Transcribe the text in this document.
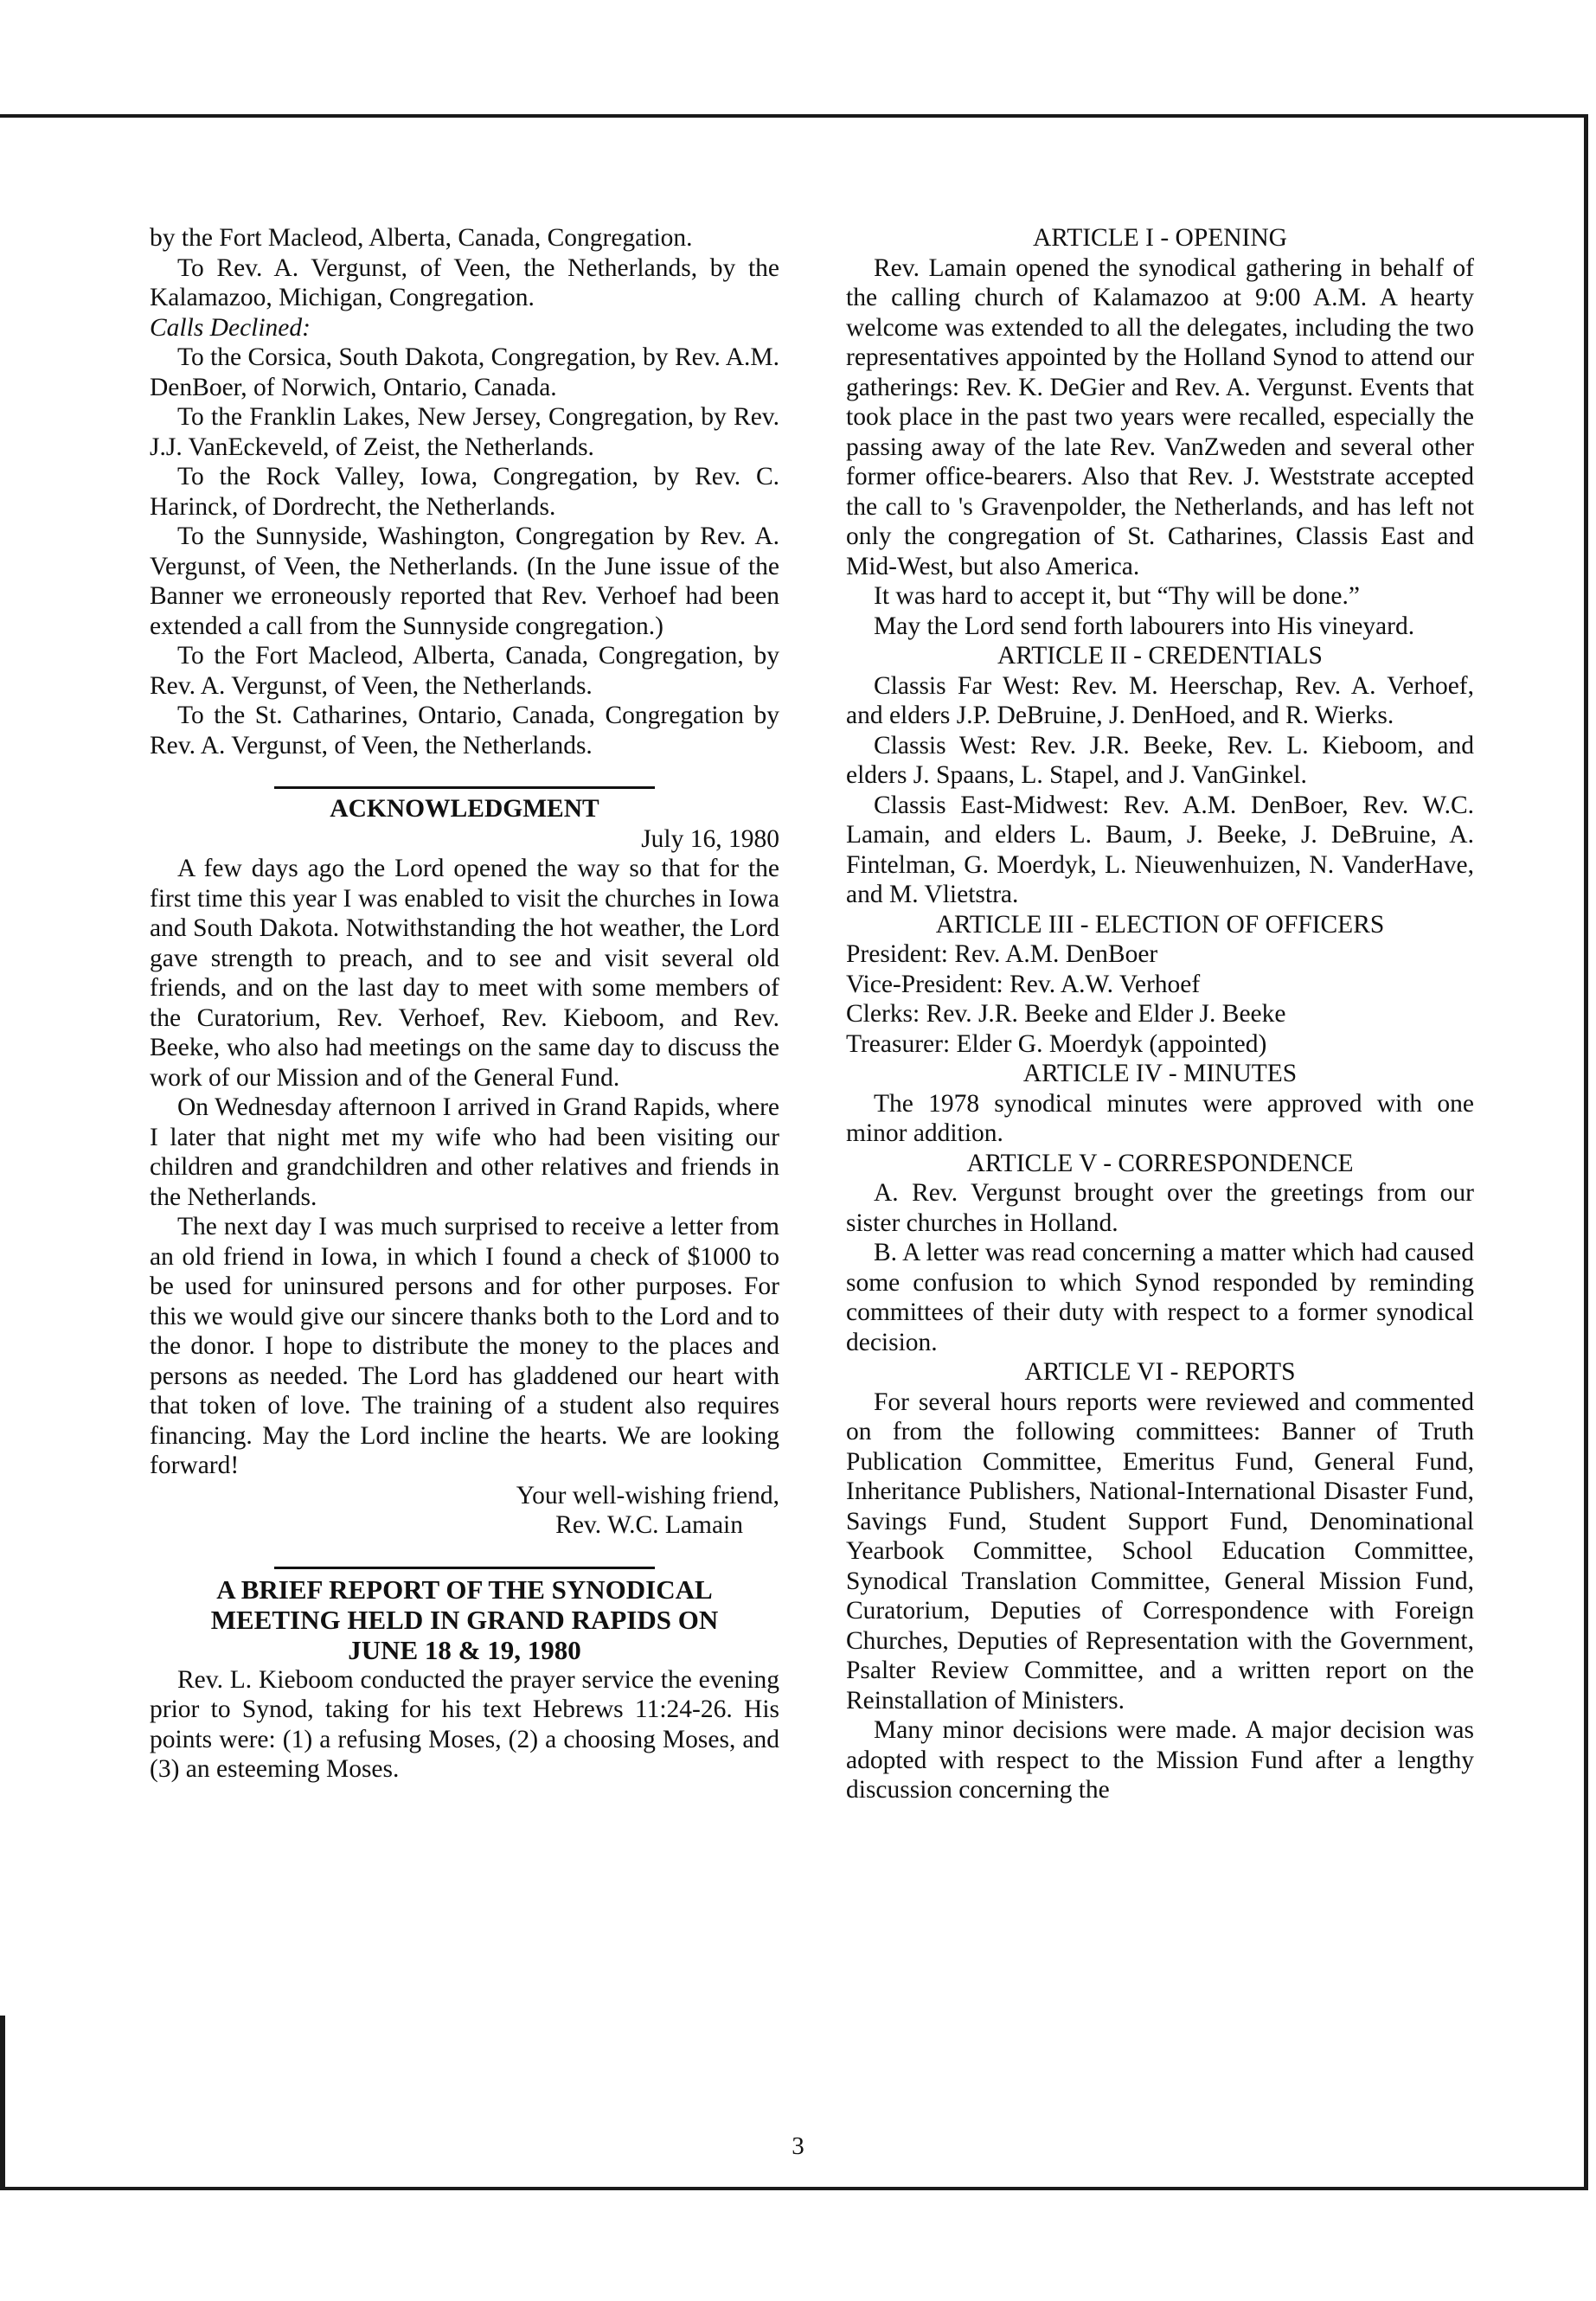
by the Fort Macleod, Alberta, Canada, Congregation.

To Rev. A. Vergunst, of Veen, the Netherlands, by the Kalamazoo, Michigan, Congregation.

Calls Declined:

To the Corsica, South Dakota, Congregation, by Rev. A.M. DenBoer, of Norwich, Ontario, Canada.

To the Franklin Lakes, New Jersey, Congregation, by Rev. J.J. VanEckeveld, of Zeist, the Netherlands.

To the Rock Valley, Iowa, Congregation, by Rev. C. Harinck, of Dordrecht, the Netherlands.

To the Sunnyside, Washington, Congregation by Rev. A. Vergunst, of Veen, the Netherlands. (In the June issue of the Banner we erroneously reported that Rev. Verhoef had been extended a call from the Sunnyside congregation.)

To the Fort Macleod, Alberta, Canada, Congregation, by Rev. A. Vergunst, of Veen, the Netherlands.

To the St. Catharines, Ontario, Canada, Congregation by Rev. A. Vergunst, of Veen, the Netherlands.

ACKNOWLEDGMENT
July 16, 1980

A few days ago the Lord opened the way so that for the first time this year I was enabled to visit the churches in Iowa and South Dakota. Notwithstanding the hot weather, the Lord gave strength to preach, and to see and visit several old friends, and on the last day to meet with some members of the Curatorium, Rev. Verhoef, Rev. Kieboom, and Rev. Beeke, who also had meetings on the same day to discuss the work of our Mission and of the General Fund.

On Wednesday afternoon I arrived in Grand Rapids, where I later that night met my wife who had been visiting our children and grandchildren and other relatives and friends in the Netherlands.

The next day I was much surprised to receive a letter from an old friend in Iowa, in which I found a check of $1000 to be used for uninsured persons and for other purposes. For this we would give our sincere thanks both to the Lord and to the donor. I hope to distribute the money to the places and persons as needed. The Lord has gladdened our heart with that token of love. The training of a student also requires financing. May the Lord incline the hearts. We are looking forward!

Your well-wishing friend,
Rev. W.C. Lamain
A BRIEF REPORT OF THE SYNODICAL
MEETING HELD IN GRAND RAPIDS ON
JUNE 18 & 19, 1980

Rev. L. Kieboom conducted the prayer service the evening prior to Synod, taking for his text Hebrews 11:24-26. His points were: (1) a refusing Moses, (2) a choosing Moses, and (3) an esteeming Moses.

ARTICLE I - OPENING

Rev. Lamain opened the synodical gathering in behalf of the calling church of Kalamazoo at 9:00 A.M. A hearty welcome was extended to all the delegates, including the two representatives appointed by the Holland Synod to attend our gatherings: Rev. K. DeGier and Rev. A. Vergunst. Events that took place in the past two years were recalled, especially the passing away of the late Rev. VanZweden and several other former office-bearers. Also that Rev. J. Weststrate accepted the call to 's Gravenpolder, the Netherlands, and has left not only the congregation of St. Catharines, Classis East and Mid-West, but also America.

It was hard to accept it, but “Thy will be done.”

May the Lord send forth labourers into His vineyard.

ARTICLE II - CREDENTIALS

Classis Far West: Rev. M. Heerschap, Rev. A. Verhoef, and elders J.P. DeBruine, J. DenHoed, and R. Wierks.

Classis West: Rev. J.R. Beeke, Rev. L. Kieboom, and elders J. Spaans, L. Stapel, and J. VanGinkel.

Classis East-Midwest: Rev. A.M. DenBoer, Rev. W.C. Lamain, and elders L. Baum, J. Beeke, J. DeBruine, A. Fintelman, G. Moerdyk, L. Nieuwenhuizen, N. VanderHave, and M. Vlietstra.

ARTICLE III - ELECTION OF OFFICERS
President: Rev. A.M. DenBoer
Vice-President: Rev. A.W. Verhoef
Clerks: Rev. J.R. Beeke and Elder J. Beeke
Treasurer: Elder G. Moerdyk (appointed)
ARTICLE IV - MINUTES

The 1978 synodical minutes were approved with one minor addition.

ARTICLE V - CORRESPONDENCE

A. Rev. Vergunst brought over the greetings from our sister churches in Holland.

B. A letter was read concerning a matter which had caused some confusion to which Synod responded by reminding committees of their duty with respect to a former synodical decision.

ARTICLE VI - REPORTS

For several hours reports were reviewed and commented on from the following committees: Banner of Truth Publication Committee, Emeritus Fund, General Fund, Inheritance Publishers, National-International Disaster Fund, Savings Fund, Student Support Fund, Denominational Yearbook Committee, School Education Committee, Synodical Translation Committee, General Mission Fund, Curatorium, Deputies of Correspondence with Foreign Churches, Deputies of Representation with the Government, Psalter Review Committee, and a written report on the Reinstallation of Ministers.

Many minor decisions were made. A major decision was adopted with respect to the Mission Fund after a lengthy discussion concerning the

3
